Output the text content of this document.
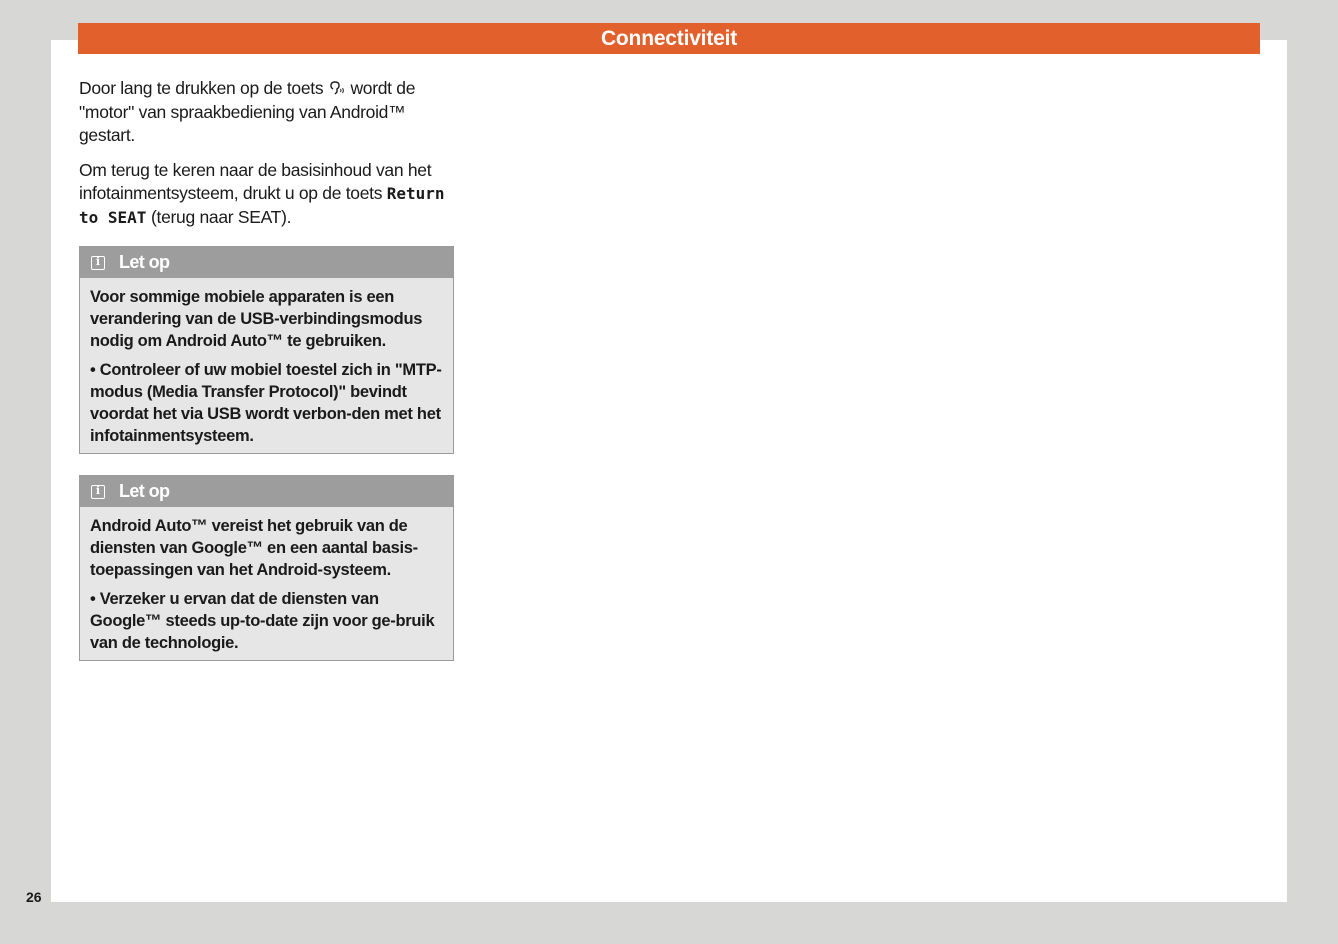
Connectiviteit

Door lang te drukken op de toets wordt de "motor" van spraakbediening van Android™ gestart.

Om terug te keren naar de basisinhoud van het infotainmentsysteem, drukt u op de toets Return to SEAT (terug naar SEAT).

i
Let op

Voor sommige mobiele apparaten is een verandering van de USB-verbindingsmodus nodig om Android Auto™ te gebruiken.

• Controleer of uw mobiel toestel zich in "MTP-modus (Media Transfer Protocol)" bevindt voordat het via USB wordt verbon-den met het infotainmentsysteem.

i
Let op

Android Auto™ vereist het gebruik van de diensten van Google™ en een aantal basis-toepassingen van het Android-systeem.

• Verzeker u ervan dat de diensten van Google™ steeds up-to-date zijn voor ge-bruik van de technologie.

26
